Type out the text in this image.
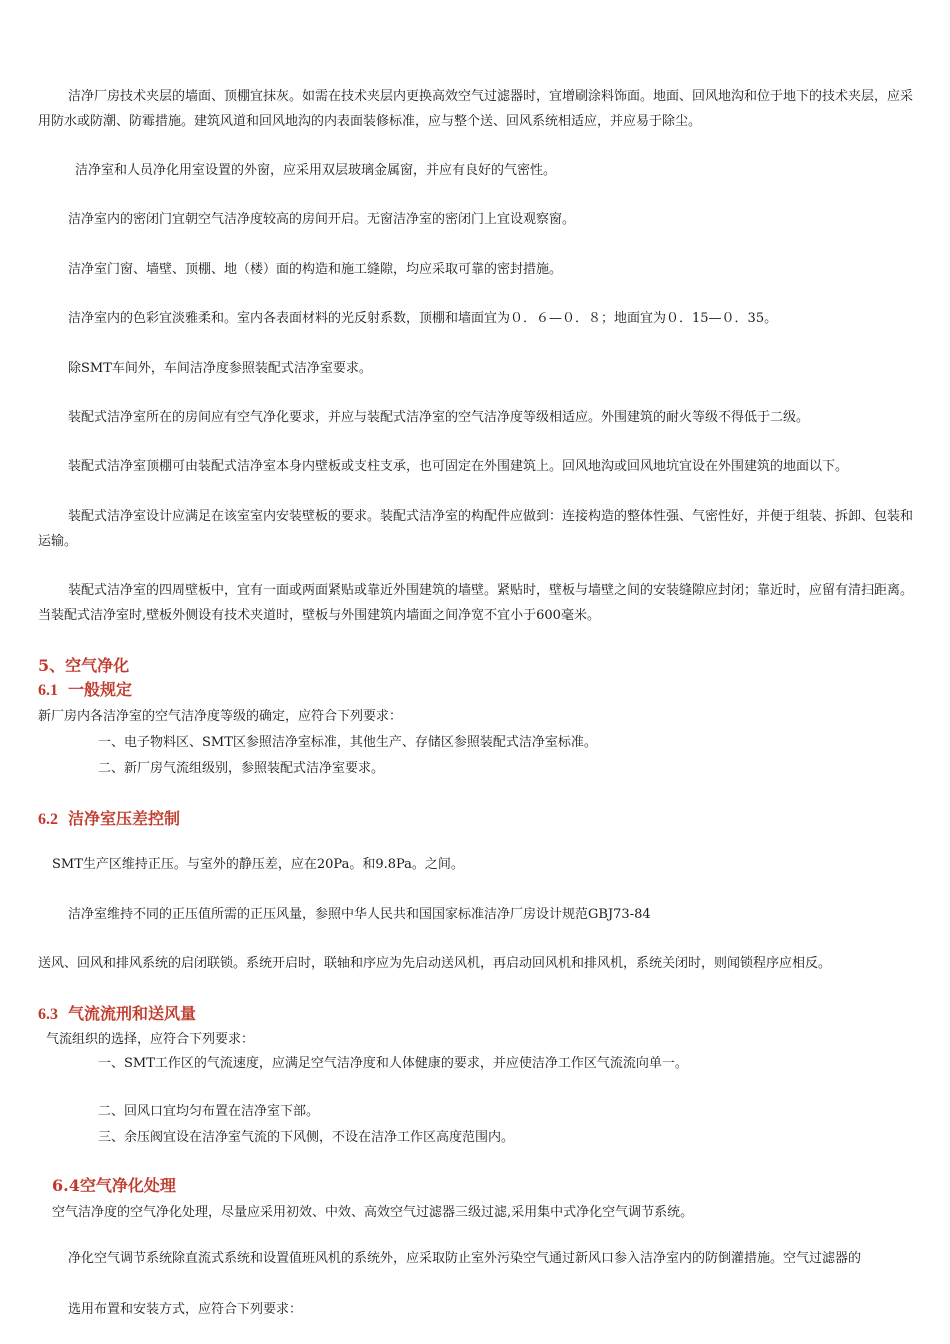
洁净厂房技术夹层的墙面、顶棚宜抹灰。如需在技术夹层内更换高效空气过滤器时，宜增刷涂料饰面。地面、回风地沟和位于地下的技术夹层，应采用防水或防潮、防霉措施。建筑风道和回风地沟的内表面装修标准，应与整个送、回风系统相适应，并应易于除尘。

洁净室和人员净化用室设置的外窗，应采用双层玻璃金属窗，并应有良好的气密性。

洁净室内的密闭门宜朝空气洁净度较高的房间开启。无窗洁净室的密闭门上宜设观察窗。

洁净室门窗、墙壁、顶棚、地（楼）面的构造和施工缝隙，均应采取可靠的密封措施。

洁净室内的色彩宜淡雅柔和。室内各表面材料的光反射系数，顶棚和墙面宜为０．６—０．８；地面宜为０．15—０．35。

除SMT车间外，车间洁净度参照装配式洁净室要求。

装配式洁净室所在的房间应有空气净化要求，并应与装配式洁净室的空气洁净度等级相适应。外围建筑的耐火等级不得低于二级。

装配式洁净室顶棚可由装配式洁净室本身内壁板或支柱支承，也可固定在外围建筑上。回风地沟或回风地坑宜设在外围建筑的地面以下。

装配式洁净室设计应满足在该室室内安装壁板的要求。装配式洁净室的构配件应做到：连接构造的整体性强、气密性好，并便于组装、拆卸、包装和运输。

装配式洁净室的四周壁板中，宜有一面或两面紧贴或靠近外围建筑的墙壁。紧贴时，壁板与墙壁之间的安装缝隙应封闭；靠近时，应留有清扫距离。当装配式洁净室时,壁板外侧设有技术夹道时，壁板与外围建筑内墙面之间净宽不宜小于600毫米。

5、空气净化
6.1 一般规定

新厂房内各洁净室的空气洁净度等级的确定，应符合下列要求：

一、电子物料区、SMT区参照洁净室标准，其他生产、存储区参照装配式洁净室标准。

二、新厂房气流组级别，参照装配式洁净室要求。

6.2 洁净室压差控制

SMT生产区维持正压。与室外的静压差，应在20Pa。和9.8Pa。之间。

洁净室维持不同的正压值所需的正压风量，参照中华人民共和国国家标准洁净厂房设计规范GBJ73-84

送风、回风和排风系统的启闭联锁。系统开启时，联轴和序应为先启动送风机，再启动回风机和排风机，系统关闭时，则闻锁程序应相反。

6.3 气流流刑和送风量

气流组织的选择，应符合下列要求：

一、SMT工作区的气流速度，应满足空气洁净度和人体健康的要求，并应使洁净工作区气流流向单一。

二、回风口宜均匀布置在洁净室下部。

三、余压阀宜设在洁净室气流的下风侧，不设在洁净工作区高度范围内。

6.4空气净化处理

空气洁净度的空气净化处理，尽量应采用初效、中效、高效空气过滤器三级过滤,采用集中式净化空气调节系统。

净化空气调节系统除直流式系统和设置值班风机的系统外，应采取防止室外污染空气通过新风口参入洁净室内的防倒灌措施。空气过滤器的

选用布置和安装方式，应符合下列要求：
